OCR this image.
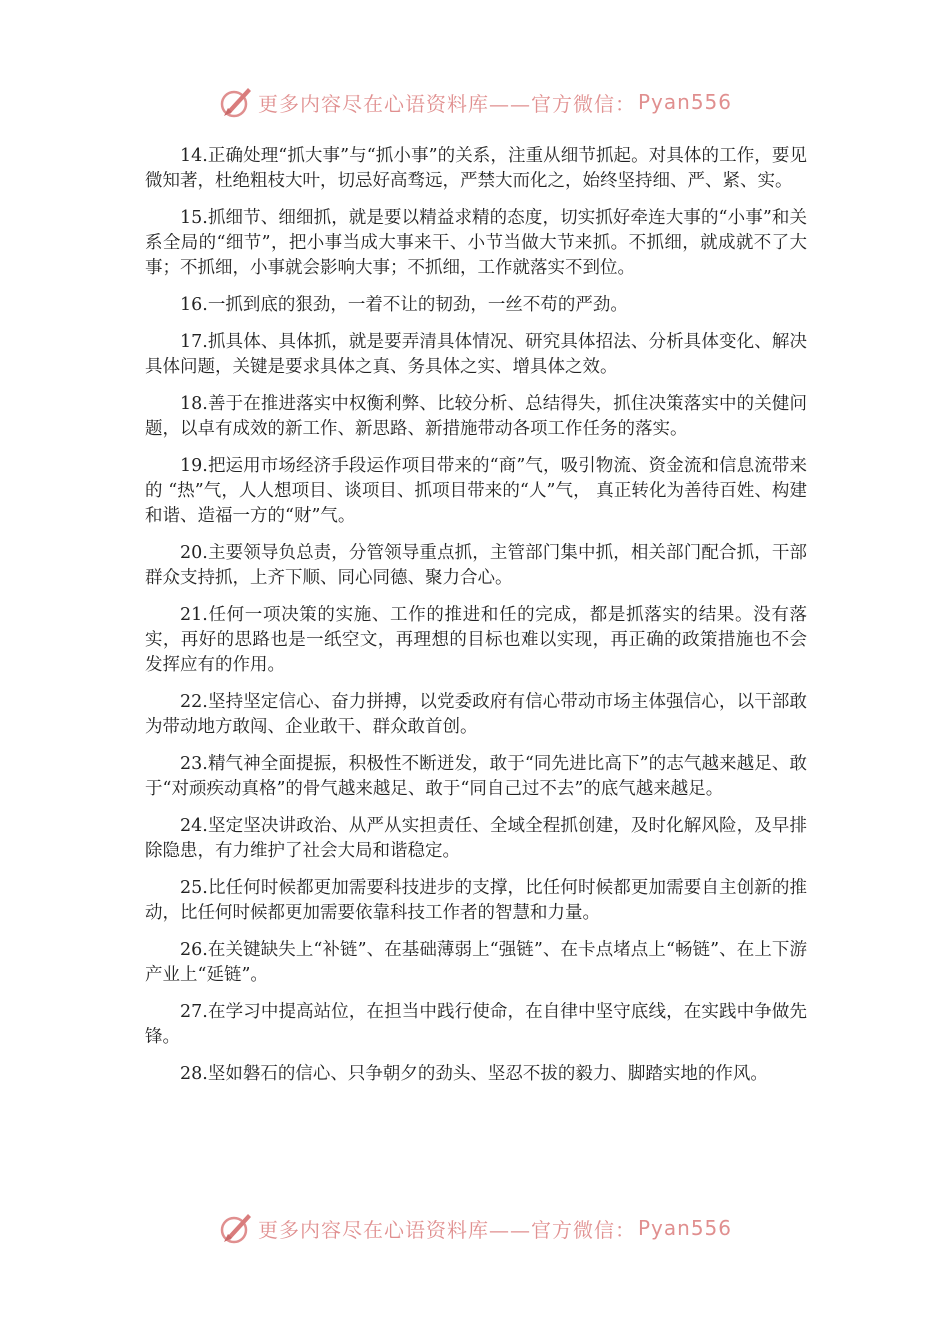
更多内容尽在心语资料库—— 官方微信： Pyan556

14.正确处理“抓大事”与“抓小事”的关系，注重从细节抓起。对具体的工作，要见微知著，杜绝粗枝大叶，切忌好高骛远，严禁大而化之，始终坚持细、严、紧、实。

15.抓细节、细细抓，就是要以精益求精的态度，切实抓好牵连大事的“小事”和关系全局的“细节”，把小事当成大事来干、小节当做大节来抓。不抓细，就成就不了大事；不抓细，小事就会影响大事；不抓细，工作就落实不到位。

16.一抓到底的狠劲，一着不让的韧劲，一丝不苟的严劲。

17.抓具体、具体抓，就是要弄清具体情况、研究具体招法、分析具体变化、解决具体问题，关键是要求具体之真、务具体之实、增具体之效。

18.善于在推进落实中权衡利弊、比较分析、总结得失，抓住决策落实中的关健问题，以卓有成效的新工作、新思路、新措施带动各项工作任务的落实。

19.把运用市场经济手段运作项目带来的“商”气，吸引物流、资金流和信息流带来的 “热”气，人人想项目、谈项目、抓项目带来的“人”气， 真正转化为善待百姓、构建和谐、造福一方的“财”气。

20.主要领导负总责，分管领导重点抓，主管部门集中抓，相关部门配合抓，干部群众支持抓，上齐下顺、同心同德、聚力合心。

21.任何一项决策的实施、工作的推进和任的完成，都是抓落实的结果。没有落实，再好的思路也是一纸空文，再理想的目标也难以实现，再正确的政策措施也不会发挥应有的作用。

22.坚持坚定信心、奋力拼搏，以党委政府有信心带动市场主体强信心，以干部敢为带动地方敢闯、企业敢干、群众敢首创。

23.精气神全面提振，积极性不断迸发，敢于“同先进比高下”的志气越来越足、敢于“对顽疾动真格”的骨气越来越足、敢于“同自己过不去”的底气越来越足。

24.坚定坚决讲政治、从严从实担责任、全域全程抓创建，及时化解风险，及早排除隐患，有力维护了社会大局和谐稳定。

25.比任何时候都更加需要科技进步的支撑，比任何时候都更加需要自主创新的推动，比任何时候都更加需要依靠科技工作者的智慧和力量。

26.在关键缺失上“补链”、在基础薄弱上“强链”、在卡点堵点上“畅链”、在上下游产业上“延链”。

27.在学习中提高站位，在担当中践行使命，在自律中坚守底线，在实践中争做先锋。

28.坚如磐石的信心、只争朝夕的劲头、坚忍不拔的毅力、脚踏实地的作风。

更多内容尽在心语资料库—— 官方微信： Pyan556
